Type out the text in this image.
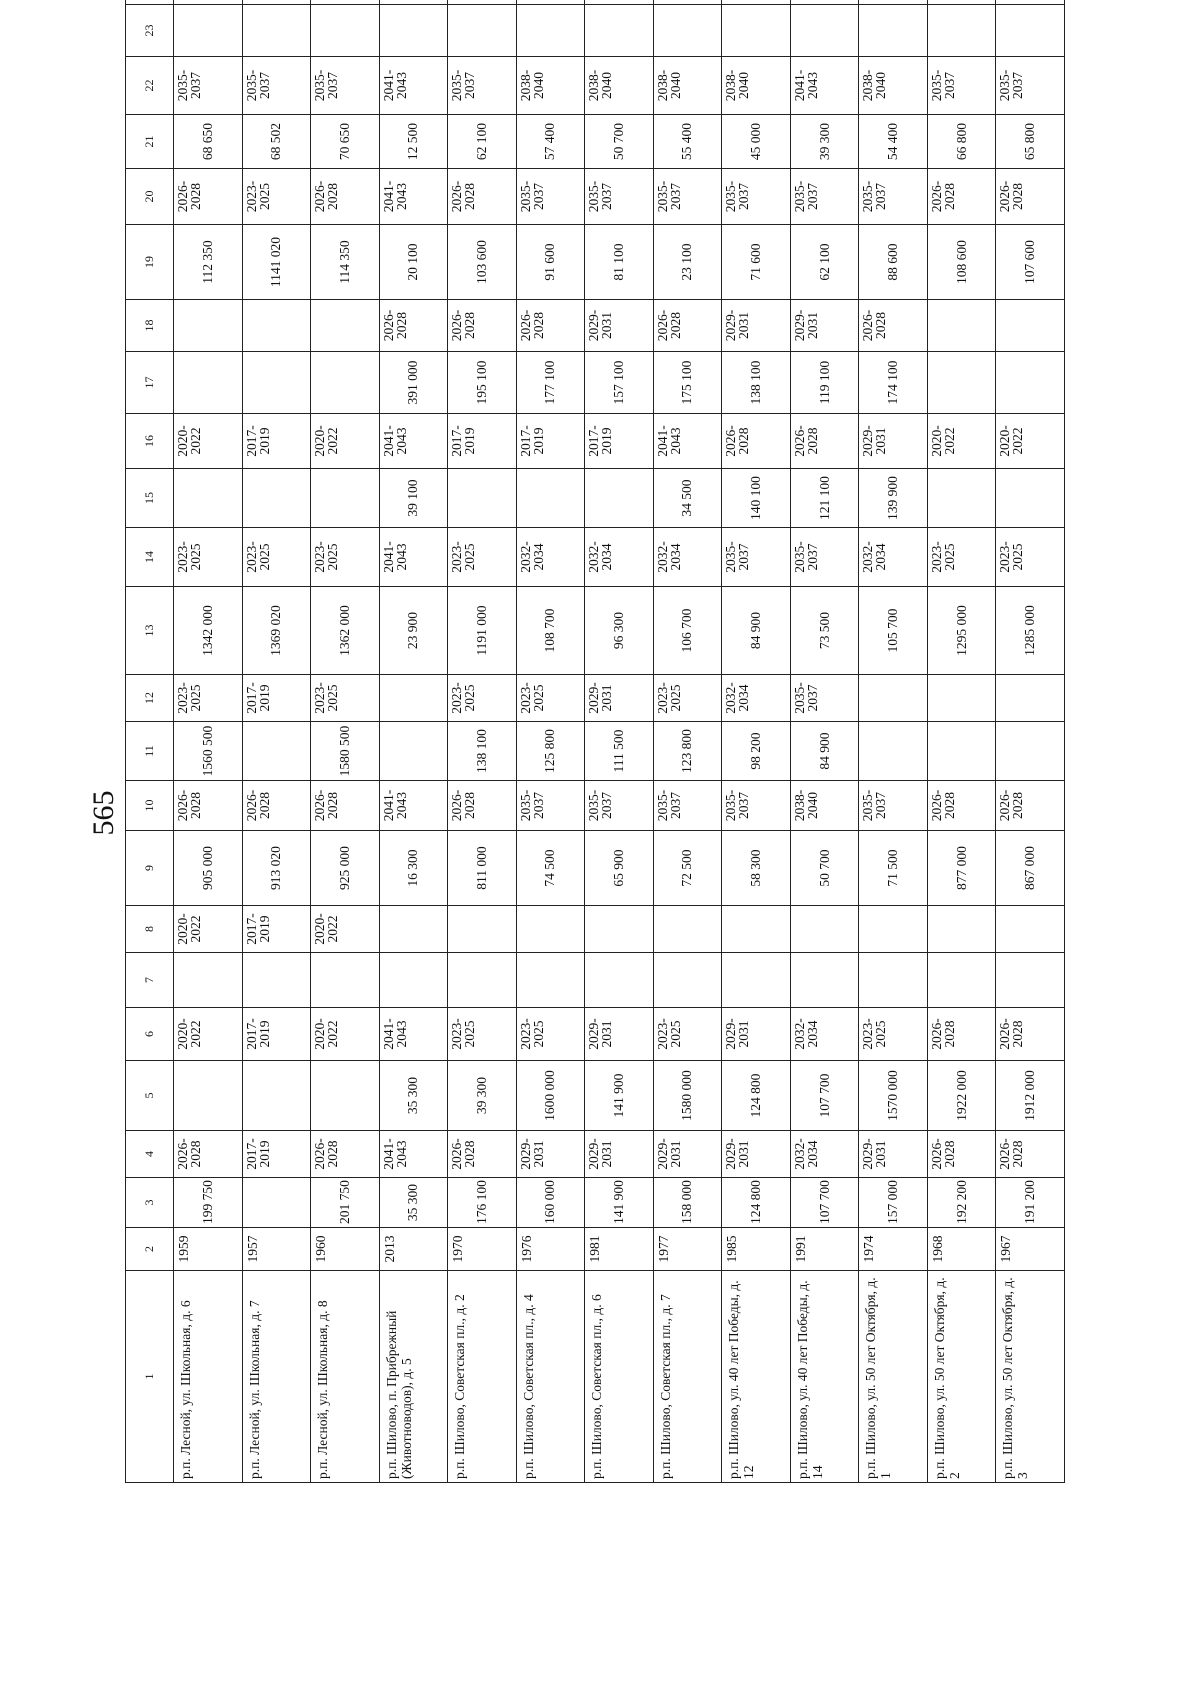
565
1	2	3	4	5	6	7	8	9	10	11	12	13	14	15	16	17	18	19	20	21	22	23	
р.п. Лесной, ул. Школьная, д. 6	1959	199 750	2026-2028		2020-2022		2020-2022	905 000	2026-2028	1560 500	2023-2025	1342 000	2023-2025		2020-2022			112 350	2026-2028	68 650	2035-2037		
р.п. Лесной, ул. Школьная, д. 7	1957		2017-2019		2017-2019		2017-2019	913 020	2026-2028		2017-2019	1369 020	2023-2025		2017-2019			1141 020	2023-2025	68 502	2035-2037		
р.п. Лесной, ул. Школьная, д. 8	1960	201 750	2026-2028		2020-2022		2020-2022	925 000	2026-2028	1580 500	2023-2025	1362 000	2023-2025		2020-2022			114 350	2026-2028	70 650	2035-2037		
р.п. Шилово, п. Прибрежный (Животноводов), д. 5	2013	35 300	2041-2043	35 300	2041-2043			16 300	2041-2043			23 900	2041-2043	39 100	2041-2043	391 000	2026-2028	20 100	2041-2043	12 500	2041-2043		
р.п. Шилово, Советская пл., д. 2	1970	176 100	2026-2028	39 300	2023-2025			811 000	2026-2028	138 100	2023-2025	1191 000	2023-2025		2017-2019	195 100	2026-2028	103 600	2026-2028	62 100	2035-2037		
р.п. Шилово, Советская пл., д. 4	1976	160 000	2029-2031	1600 000	2023-2025			74 500	2035-2037	125 800	2023-2025	108 700	2032-2034		2017-2019	177 100	2026-2028	91 600	2035-2037	57 400	2038-2040		
р.п. Шилово, Советская пл., д. 6	1981	141 900	2029-2031	141 900	2029-2031			65 900	2035-2037	111 500	2029-2031	96 300	2032-2034		2017-2019	157 100	2029-2031	81 100	2035-2037	50 700	2038-2040		
р.п. Шилово, Советская пл., д. 7	1977	158 000	2029-2031	1580 000	2023-2025			72 500	2035-2037	123 800	2023-2025	106 700	2032-2034	34 500	2041-2043	175 100	2026-2028	23 100	2035-2037	55 400	2038-2040		
р.п. Шилово, ул. 40 лет Победы, д. 12	1985	124 800	2029-2031	124 800	2029-2031			58 300	2035-2037	98 200	2032-2034	84 900	2035-2037	140 100	2026-2028	138 100	2029-2031	71 600	2035-2037	45 000	2038-2040		
р.п. Шилово, ул. 40 лет Победы, д. 14	1991	107 700	2032-2034	107 700	2032-2034			50 700	2038-2040	84 900	2035-2037	73 500	2035-2037	121 100	2026-2028	119 100	2029-2031	62 100	2035-2037	39 300	2041-2043		
р.п. Шилово, ул. 50 лет Октября, д. 1	1974	157 000	2029-2031	1570 000	2023-2025			71 500	2035-2037			105 700	2032-2034	139 900	2029-2031	174 100	2026-2028	88 600	2035-2037	54 400	2038-2040		
р.п. Шилово, ул. 50 лет Октября, д. 2	1968	192 200	2026-2028	1922 000	2026-2028			877 000	2026-2028			1295 000	2023-2025		2020-2022			108 600	2026-2028	66 800	2035-2037		
р.п. Шилово, ул. 50 лет Октября, д. 3	1967	191 200	2026-2028	1912 000	2026-2028			867 000	2026-2028			1285 000	2023-2025		2020-2022			107 600	2026-2028	65 800	2035-2037		
